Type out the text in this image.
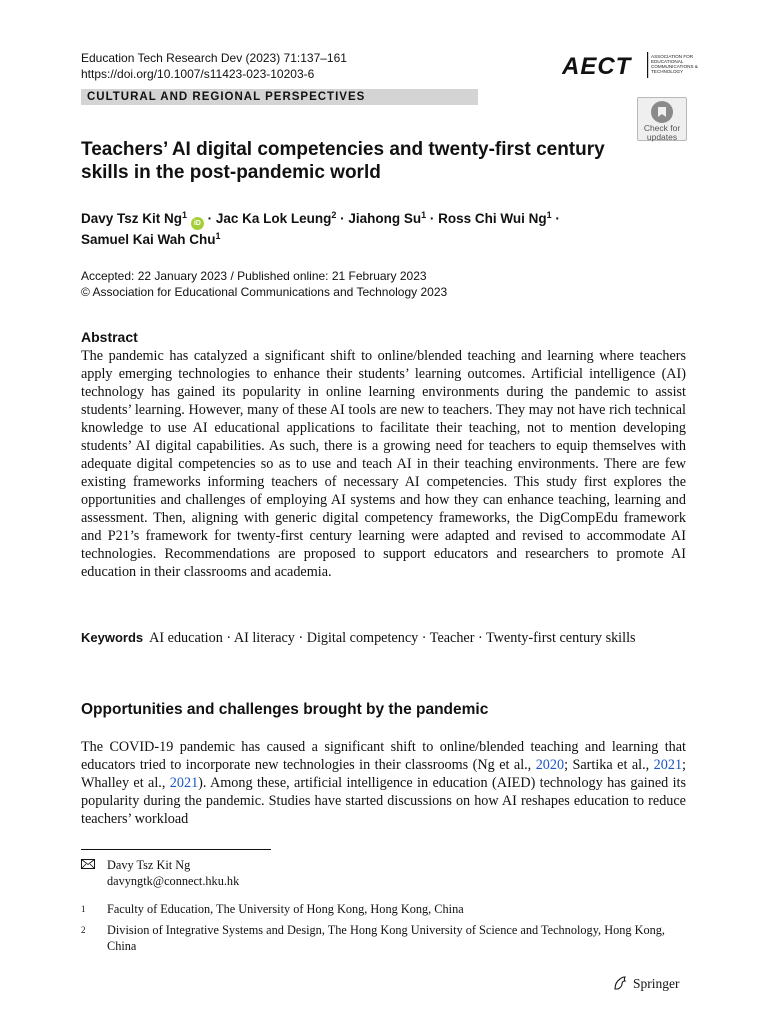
Education Tech Research Dev (2023) 71:137–161
https://doi.org/10.1007/s11423-023-10203-6	AECT	ASSOCIATION FOR EDUCATIONAL COMMUNICATIONS & TECHNOLOGY
CULTURAL AND REGIONAL PERSPECTIVES
Check for
updates
Teachers’ AI digital competencies and twenty-first century skills in the post-pandemic world
Davy Tsz Kit Ng$^1$ iD · Jac Ka Lok Leung$^2$ · Jiahong $Su^1$ · Ross Chi Wui $Ng^1$ ·
Samuel Kai Wah Chu$^1$
Accepted: 22 January 2023 / Published online: 21 February 2023
© Association for Educational Communications and Technology 2023
Abstract

The pandemic has catalyzed a significant shift to online/blended teaching and learning where teachers apply emerging technologies to enhance their students’ learning outcomes. Artificial intelligence (AI) technology has gained its popularity in online learning environments during the pandemic to assist students’ learning. However, many of these AI tools are new to teachers. They may not have rich technical knowledge to use AI educational applications to facilitate their teaching, not to mention developing students’ AI digital capabilities. As such, there is a growing need for teachers to equip themselves with adequate digital competencies so as to use and teach AI in their teaching environments. There are few existing frameworks informing teachers of necessary AI competencies. This study first explores the opportunities and challenges of employing AI systems and how they can enhance teaching, learning and assessment. Then, aligning with generic digital competency frameworks, the DigCompEdu framework and P21’s framework for twenty-first century learning were adapted and revised to accommodate AI technologies. Recommendations are proposed to support educators and researchers to promote AI education in their classrooms and academia.

Keywords AI education · AI literacy · Digital competency · Teacher · Twenty-first century skills
Opportunities and challenges brought by the pandemic

The COVID-19 pandemic has caused a significant shift to online/blended teaching and learning that educators tried to incorporate new technologies in their classrooms (Ng et al., 2020; Sartika et al., 2021; Whalley et al., 2021). Among these, artificial intelligence in education (AIED) technology has gained its popularity during the pandemic. Studies have started discussions on how AI reshapes education to reduce teachers’ workload

Davy Tsz Kit Ng
davyngtk@connect.hku.hk
1 Faculty of Education, The University of Hong Kong, Hong Kong, China
2 Division of Integrative Systems and Design, The Hong Kong University of Science and Technology, Hong Kong, China
Springer
